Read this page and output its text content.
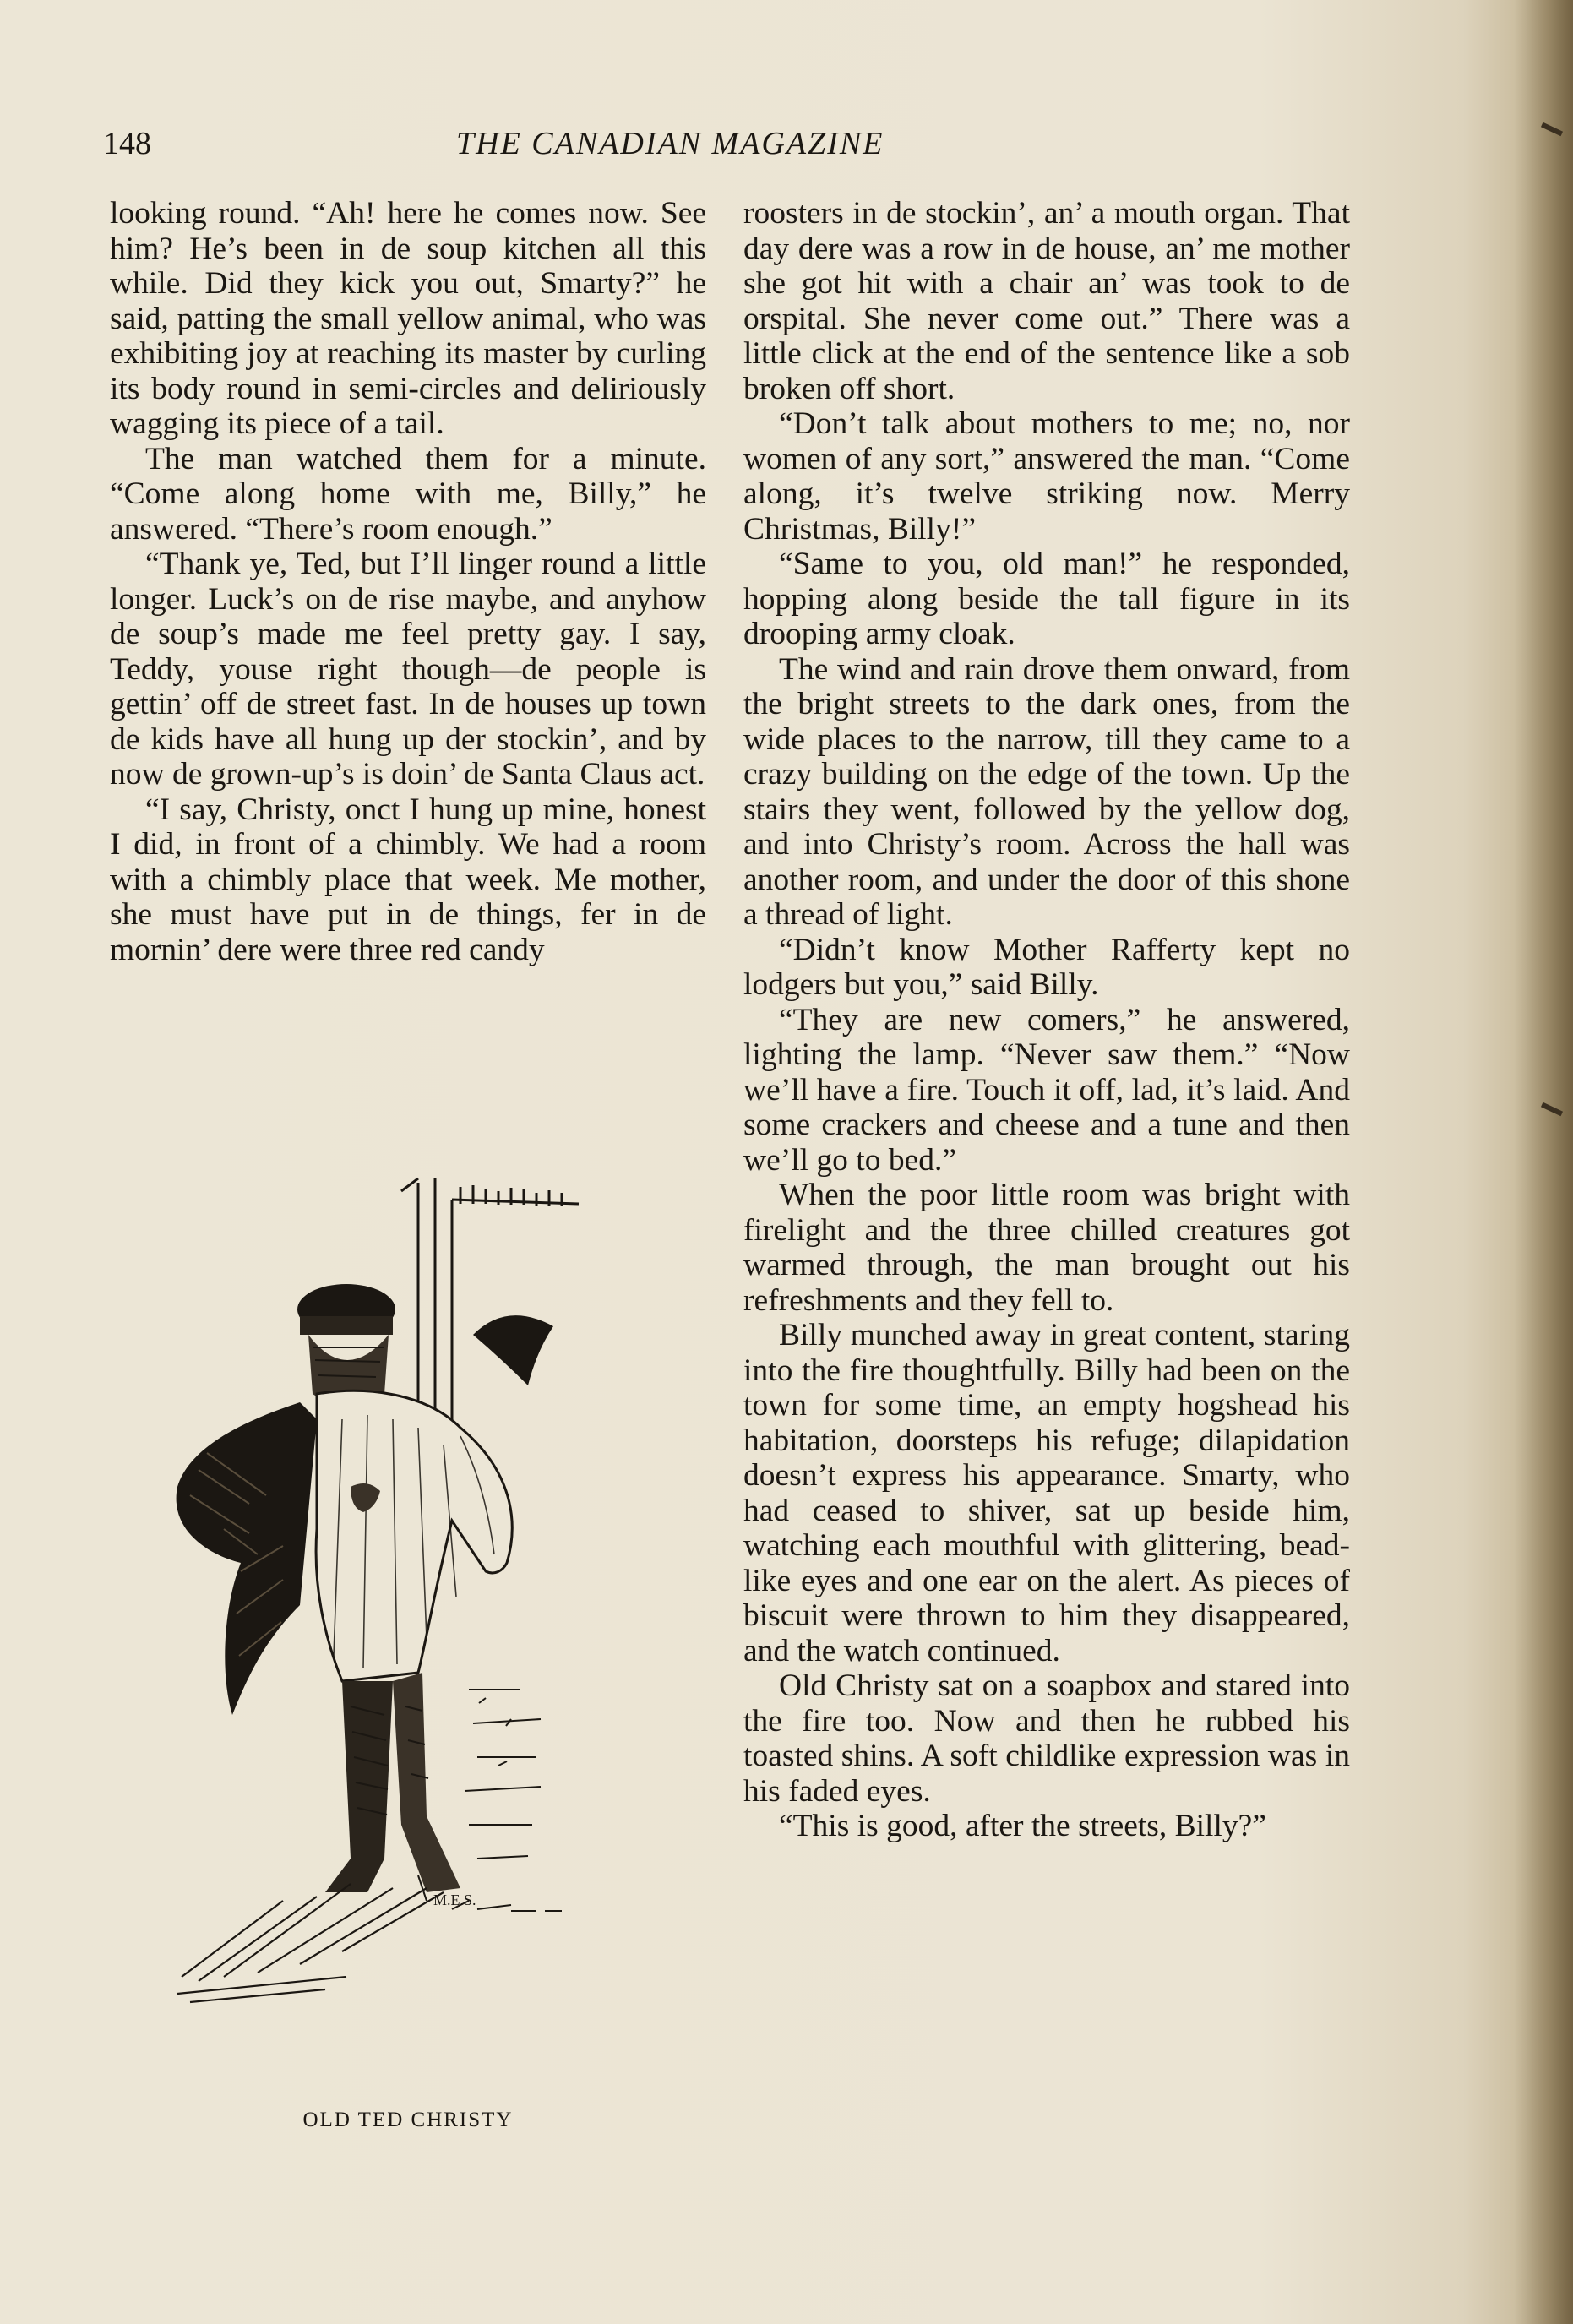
148	THE CANADIAN MAGAZINE

looking round. “Ah! here he comes now. See him? He’s been in de soup kitchen all this while. Did they kick you out, Smarty?” he said, patting the small yellow animal, who was exhibiting joy at reaching its master by curling its body round in semi-circles and deliriously wagging its piece of a tail.

The man watched them for a minute. “Come along home with me, Billy,” he answered. “There’s room enough.”

“Thank ye, Ted, but I’ll linger round a little longer. Luck’s on de rise maybe, and anyhow de soup’s made me feel pretty gay. I say, Teddy, youse right though—de people is gettin’ off de street fast. In de houses up town de kids have all hung up der stockin’, and by now de grown-up’s is doin’ de Santa Claus act.

“I say, Christy, onct I hung up mine, honest I did, in front of a chimbly. We had a room with a chimbly place that week. Me mother, she must have put in de things, fer in de mornin’ dere were three red candy

M.E.S.
OLD TED CHRISTY

roosters in de stockin’, an’ a mouth organ. That day dere was a row in de house, an’ me mother she got hit with a chair an’ was took to de orspital. She never come out.” There was a little click at the end of the sentence like a sob broken off short.

“Don’t talk about mothers to me; no, nor women of any sort,” answered the man. “Come along, it’s twelve striking now. Merry Christmas, Billy!”

“Same to you, old man!” he responded, hopping along beside the tall figure in its drooping army cloak.

The wind and rain drove them onward, from the bright streets to the dark ones, from the wide places to the narrow, till they came to a crazy building on the edge of the town. Up the stairs they went, followed by the yellow dog, and into Christy’s room. Across the hall was another room, and under the door of this shone a thread of light.

“Didn’t know Mother Rafferty kept no lodgers but you,” said Billy.

“They are new comers,” he answered, lighting the lamp. “Never saw them.” “Now we’ll have a fire. Touch it off, lad, it’s laid. And some crackers and cheese and a tune and then we’ll go to bed.”

When the poor little room was bright with firelight and the three chilled creatures got warmed through, the man brought out his refreshments and they fell to.

Billy munched away in great content, staring into the fire thoughtfully. Billy had been on the town for some time, an empty hogshead his habitation, doorsteps his refuge; dilapidation doesn’t express his appearance. Smarty, who had ceased to shiver, sat up beside him, watching each mouthful with glittering, bead-like eyes and one ear on the alert. As pieces of biscuit were thrown to him they disappeared, and the watch continued.

Old Christy sat on a soapbox and stared into the fire too. Now and then he rubbed his toasted shins. A soft childlike expression was in his faded eyes.

“This is good, after the streets, Billy?”
